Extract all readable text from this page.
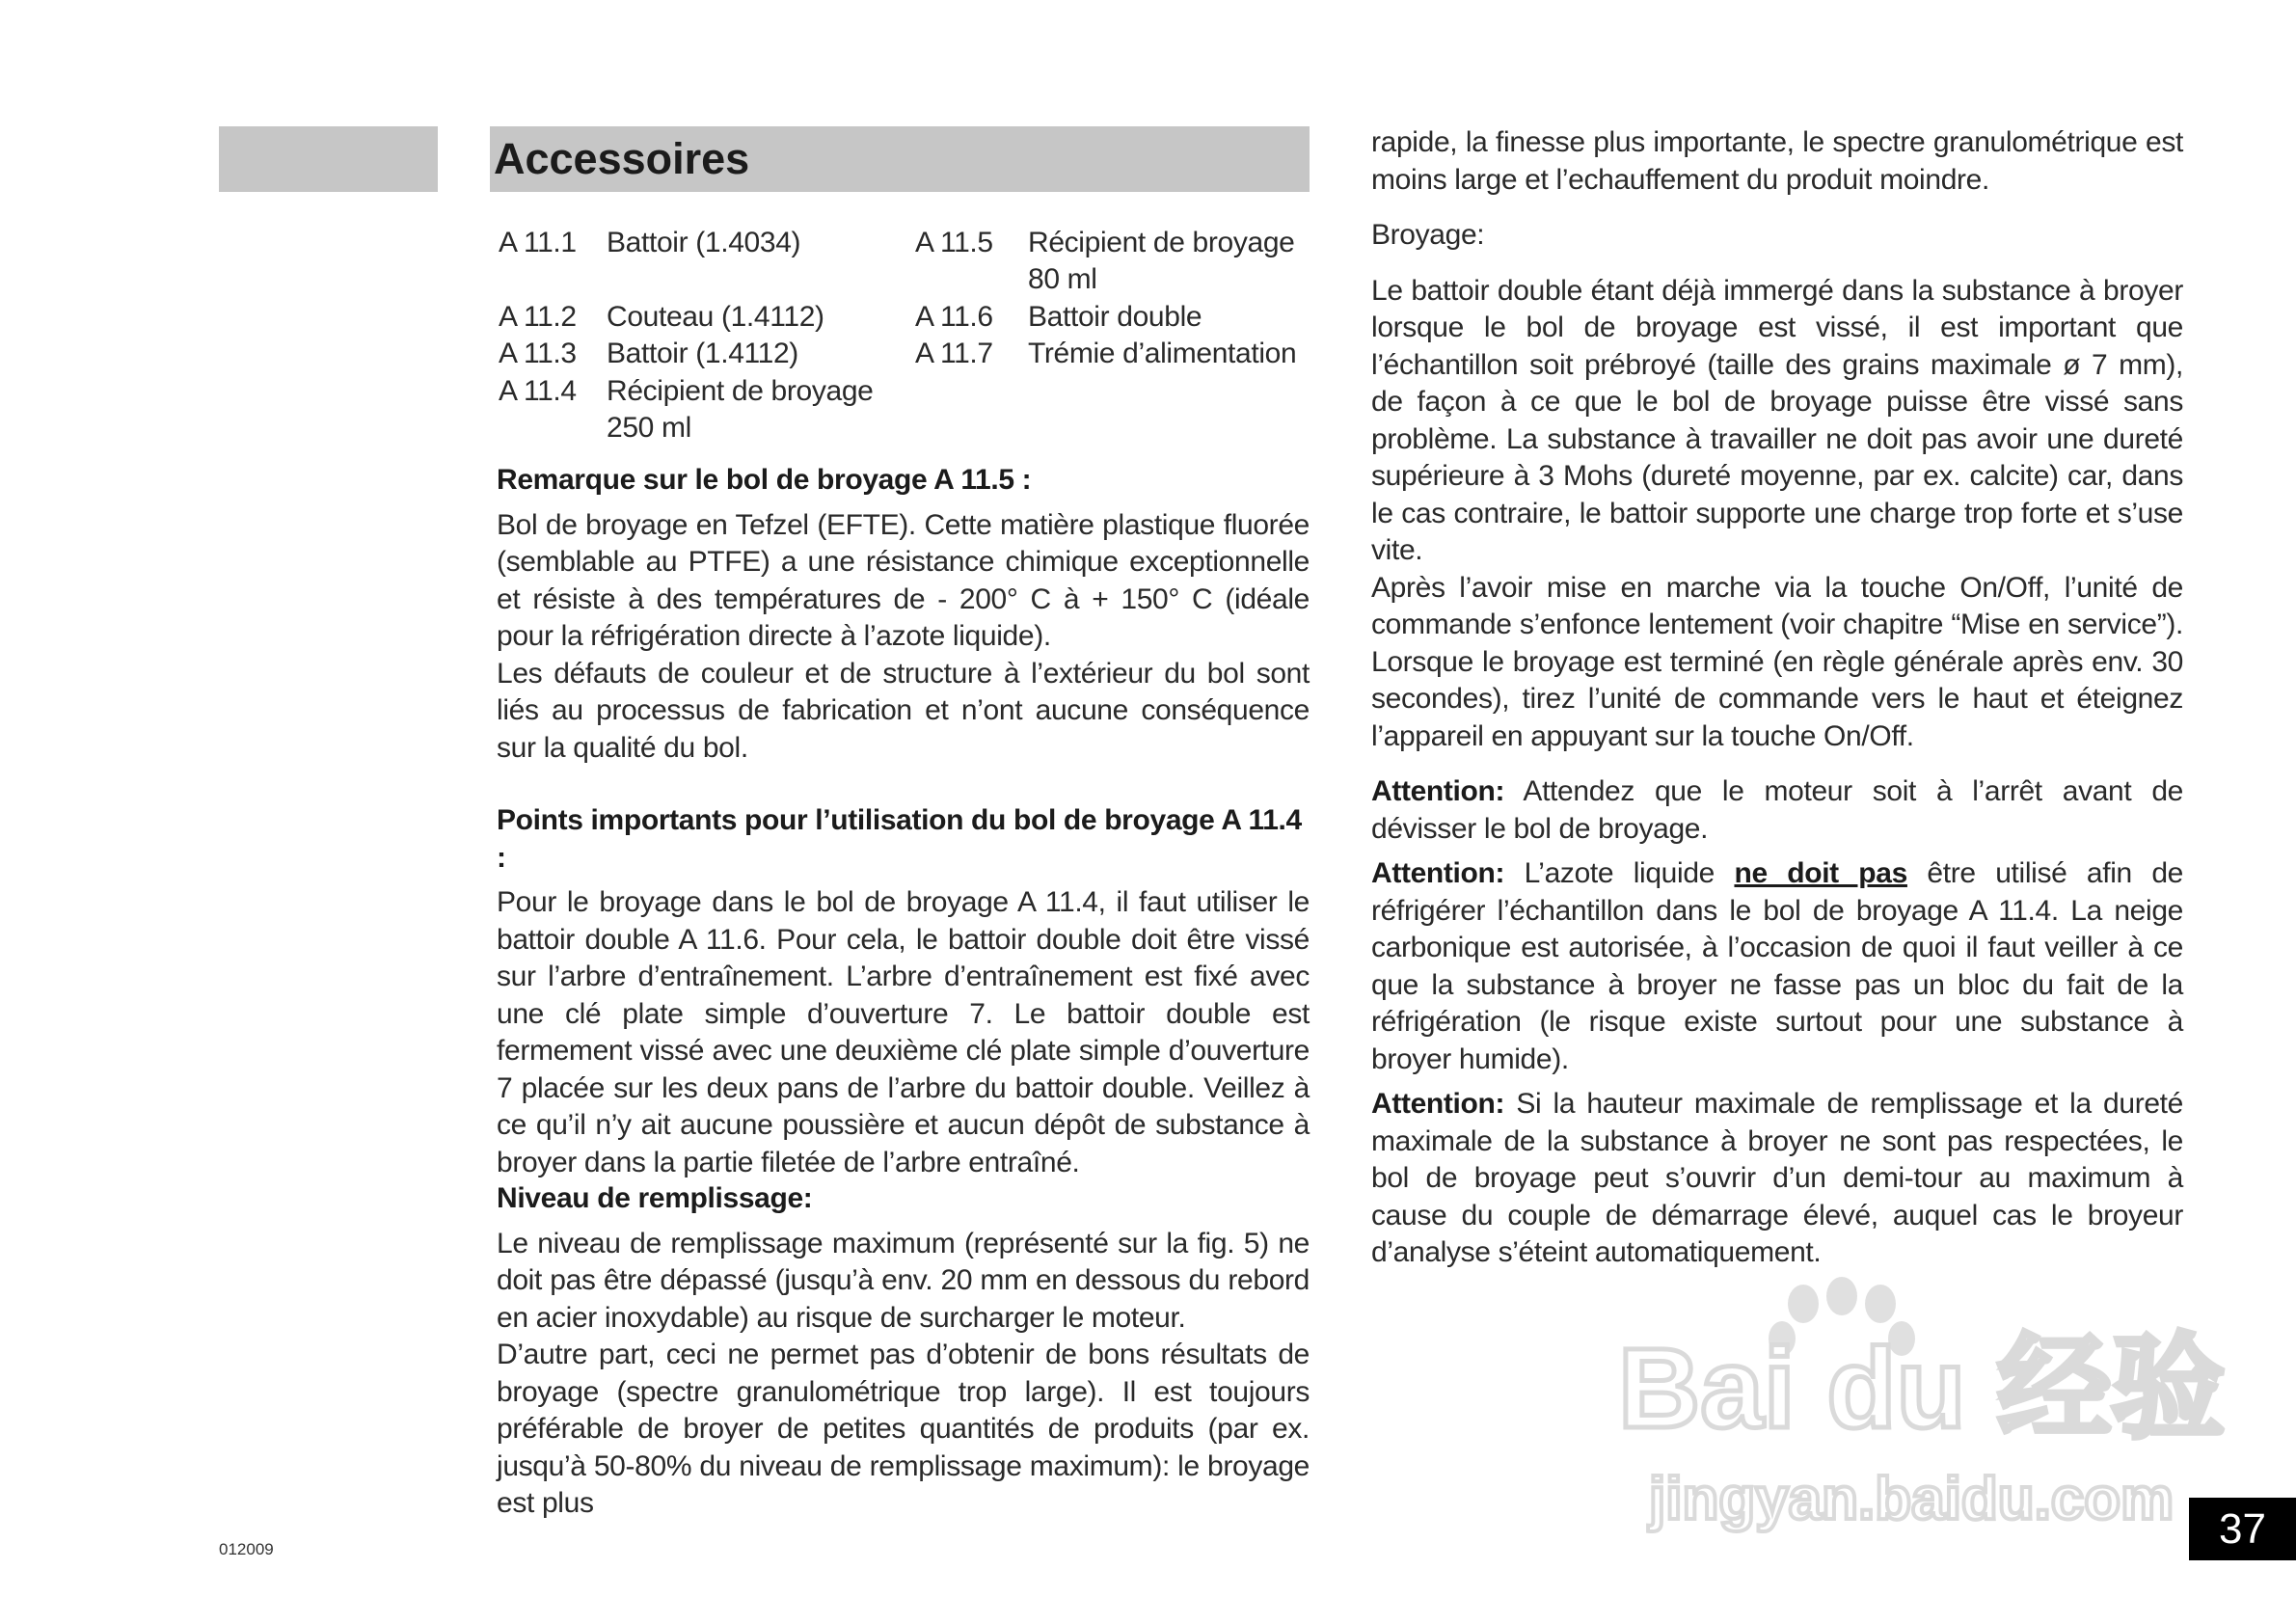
Accessoires
A 11.1 Battoir (1.4034)
A 11.2 Couteau (1.4112)
A 11.3 Battoir (1.4112)
A 11.4 Récipient de broyage
250 ml
A 11.5 Récipient de broyage
80 ml
A 11.6 Battoir double
A 11.7 Trémie d’alimentation
Remarque sur le bol de broyage A 11.5 :

Bol de broyage en Tefzel (EFTE). Cette matière plastique fluorée (semblable au PTFE) a une résistance chimique exceptionnelle et résiste à des températures de - 200° C à + 150° C (idéale pour la réfrigération directe à l’azote liquide).

Les défauts de couleur et de structure à l’extérieur du bol sont liés au processus de fabrication et n’ont aucune conséquence sur la qualité du bol.

Points importants pour l’utilisation du bol de broyage A 11.4 :

Pour le broyage dans le bol de broyage A 11.4, il faut utiliser le battoir double A 11.6. Pour cela, le battoir double doit être vissé sur l’arbre d’entraînement. L’arbre d’entraînement est fixé avec une clé plate simple d’ouverture 7. Le battoir double est fermement vissé avec une deuxième clé plate simple d’ouverture 7 placée sur les deux pans de l’arbre du battoir double. Veillez à ce qu’il n’y ait aucune poussière et aucun dépôt de substance à broyer dans la partie filetée de l’arbre entraîné.

Niveau de remplissage:

Le niveau de remplissage maximum (représenté sur la fig. 5) ne doit pas être dépassé (jusqu’à env. 20 mm en dessous du rebord en acier inoxydable) au risque de surcharger le moteur.

D’autre part, ceci ne permet pas d’obtenir de bons résultats de broyage (spectre granulométrique trop large). Il est toujours préférable de broyer de petites quantités de produits (par ex. jusqu’à 50-80% du niveau de remplissage maximum): le broyage est plus

rapide, la finesse plus importante, le spectre granulométrique est moins large et l’echauffement du produit moindre.

Broyage:

Le battoir double étant déjà immergé dans la substance à broyer lorsque le bol de broyage est vissé, il est important que l’échantillon soit prébroyé (taille des grains maximale ø 7 mm), de façon à ce que le bol de broyage puisse être vissé sans problème. La substance à travailler ne doit pas avoir une dureté supérieure à 3 Mohs (dureté moyenne, par ex. calcite) car, dans le cas contraire, le battoir supporte une charge trop forte et s’use vite.

Après l’avoir mise en marche via la touche On/Off, l’unité de commande s’enfonce lentement (voir chapitre “Mise en service”). Lorsque le broyage est terminé (en règle générale après env. 30 secondes), tirez l’unité de commande vers le haut et éteignez l’appareil en appuyant sur la touche On/Off.

Attention: Attendez que le moteur soit à l’arrêt avant de dévisser le bol de broyage.

Attention: L’azote liquide ne doit pas être utilisé afin de réfrigérer l’échantillon dans le bol de broyage A 11.4. La neige carbonique est autorisée, à l’occasion de quoi il faut veiller à ce que la substance à broyer ne fasse pas un bloc du fait de la réfrigération (le risque existe surtout pour une substance à broyer humide).

Attention: Si la hauteur maximale de remplissage et la dureté maximale de la substance à broyer ne sont pas respectées, le bol de broyage peut s’ouvrir d’un demi-tour au maximum à cause du couple de démarrage élevé, auquel cas le broyeur d’analyse s’éteint automatiquement.

Bai du 经验
jingyan.baidu.com
012009	37
